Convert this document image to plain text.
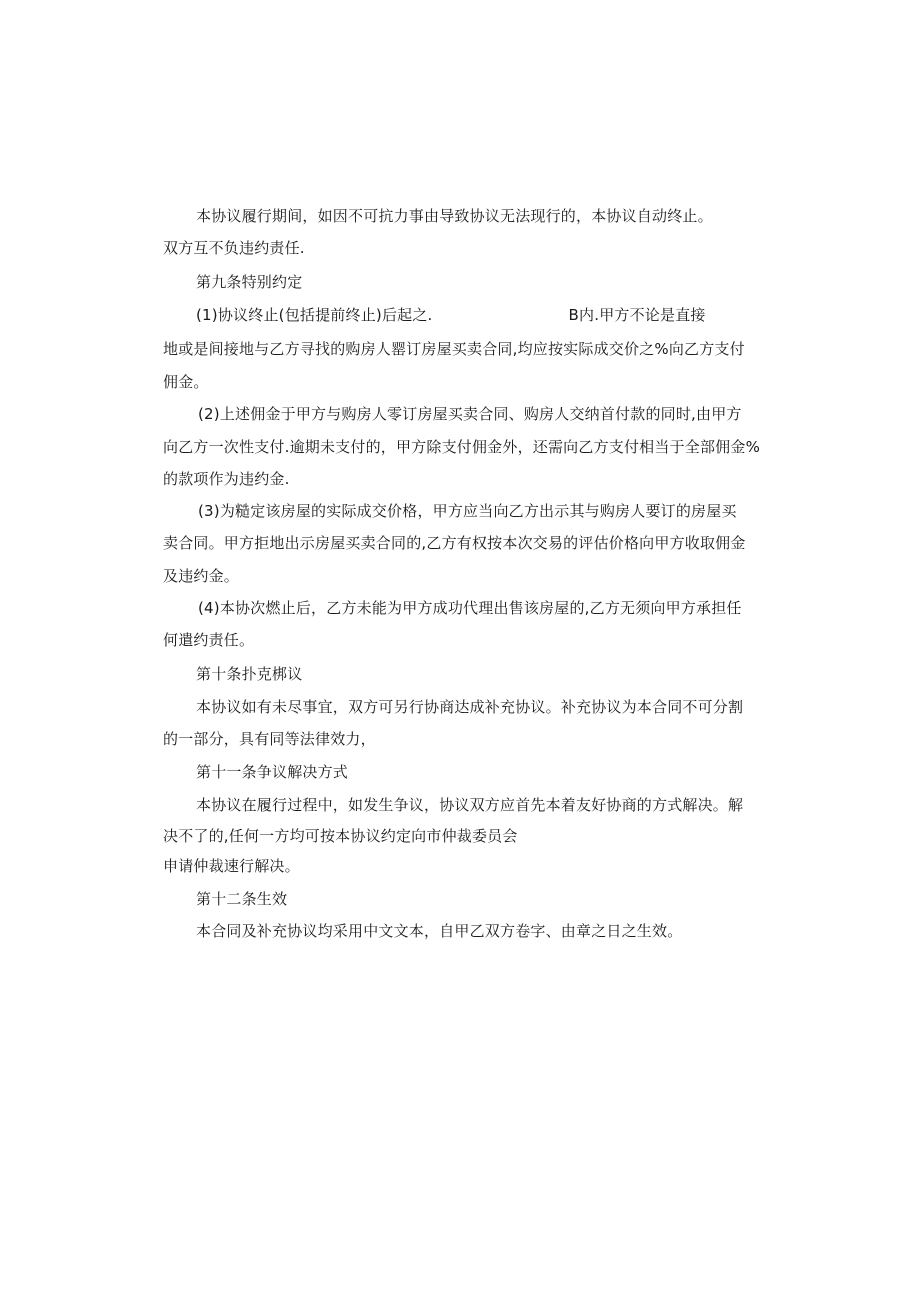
本协议履行期间，如因不可抗力事由导致协议无法现行的，本协议自动终止。
双方互不负违约责任.
第九条特别约定
(1)协议终止(包括提前终止)后起之.	B内.甲方不论是直接
地或是间接地与乙方寻找的购房人罂订房屋买卖合同,均应按实际成交价之%向乙方支付
佣金。
(2)上述佣金于甲方与购房人零订房屋买卖合同、购房人交纳首付款的同时,由甲方
向乙方一次性支付.逾期未支付的，甲方除支付佣金外，还需向乙方支付相当于全部佣金%
的款项作为违约金.
(3)为糙定该房屋的实际成交价格，甲方应当向乙方出示其与购房人要订的房屋买
卖合同。甲方拒地出示房屋买卖合同的,乙方有权按本次交易的评估价格向甲方收取佣金
及违约金。
(4)本协次燃止后，乙方未能为甲方成功代理出售该房屋的,乙方无须向甲方承担任
何遣约责任。
第十条扑克梆议
本协议如有未尽事宜，双方可另行协商达成补充协议。补充协议为本合同不可分割
的一部分，具有同等法律效力，
第十一条争议解决方式
本协议在履行过程中，如发生争议，协议双方应首先本着友好协商的方式解决。解
决不了的,任何一方均可按本协议约定向市仲裁委员会
申请仲裁速行解决。
第十二条生效
本合同及补充协议均采用中文文本，自甲乙双方卷字、由章之日之生效。
